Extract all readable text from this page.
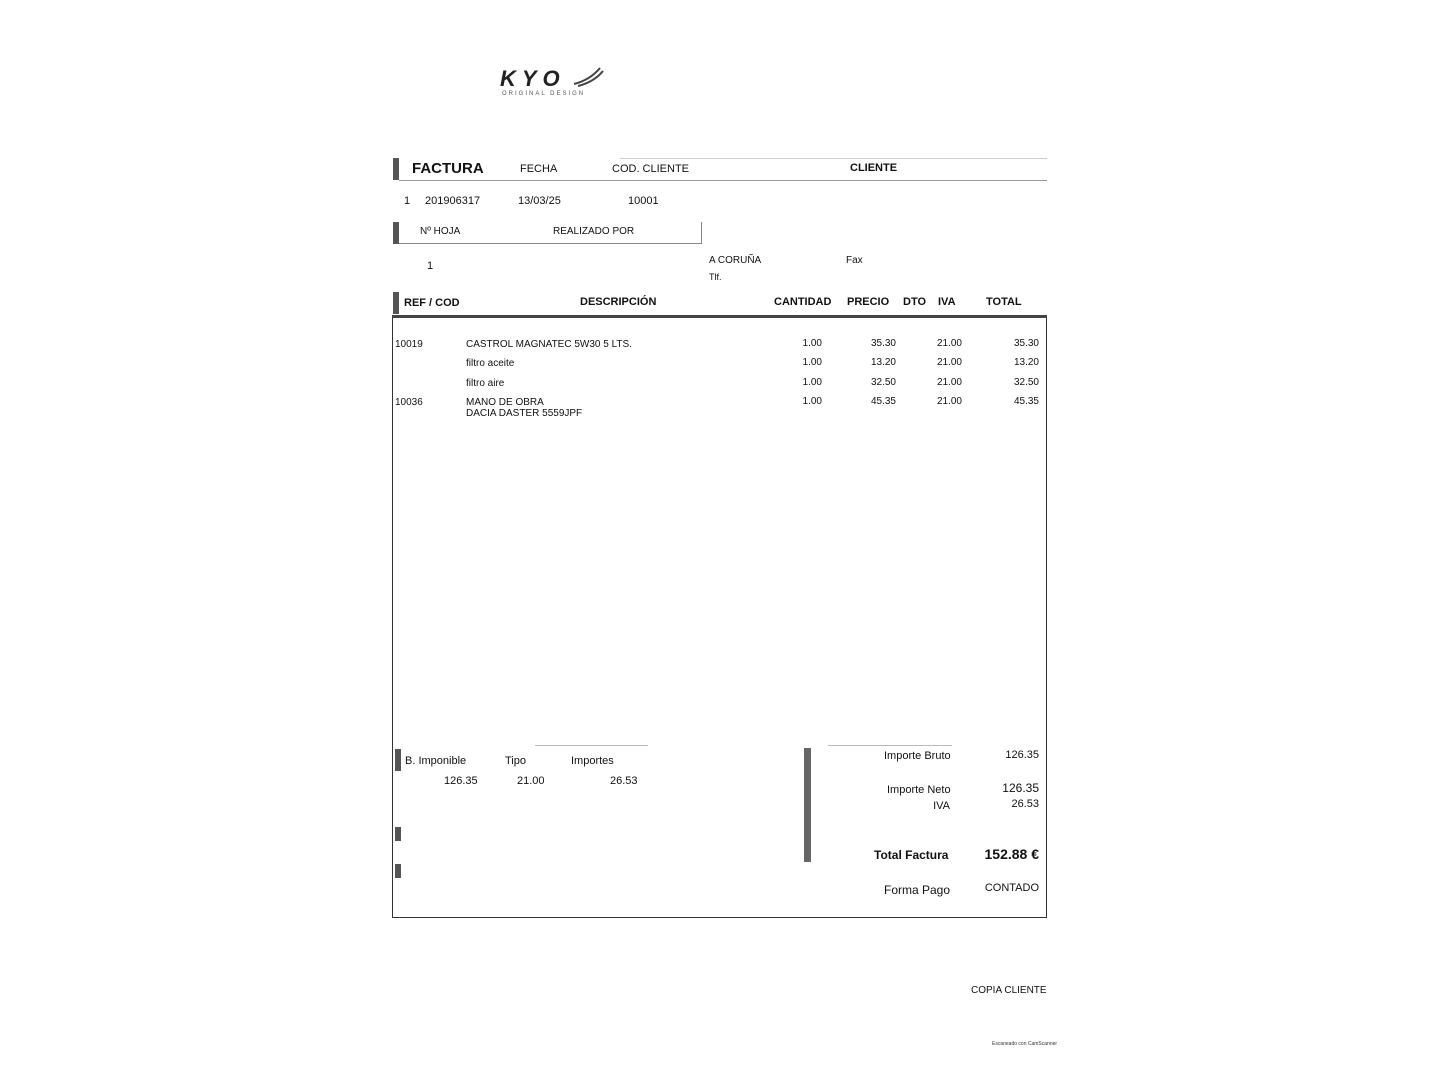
KYO
ORIGINAL DESIGN
FACTURA	FECHA	COD. CLIENTE	CLIENTE
1 201906317	13/03/25	10001
Nº HOJA	REALIZADO POR
1	A CORUÑA	Fax
Tlf.
REF / COD	DESCRIPCIÓN	CANTIDAD PRECIO DTO IVA	TOTAL
10019	CASTROL MAGNATEC 5W30 5 LTS.	1.00	35.30	21.00	35.30
filtro aceite	1.00	13.20	21.00	13.20
filtro aire	1.00	32.50	21.00	32.50
10036	MANO DE OBRA
DACIA DASTER 5559JPF
1.00	45.35	21.00	45.35
B. Imponible	Tipo	Importes
126.35	21.00	26.53
Importe Bruto	126.35
Importe Neto	126.35
IVA	26.53
Total Factura	152.88 €
Forma Pago	CONTADO
COPIA CLIENTE
Escaneado con CamScanner
